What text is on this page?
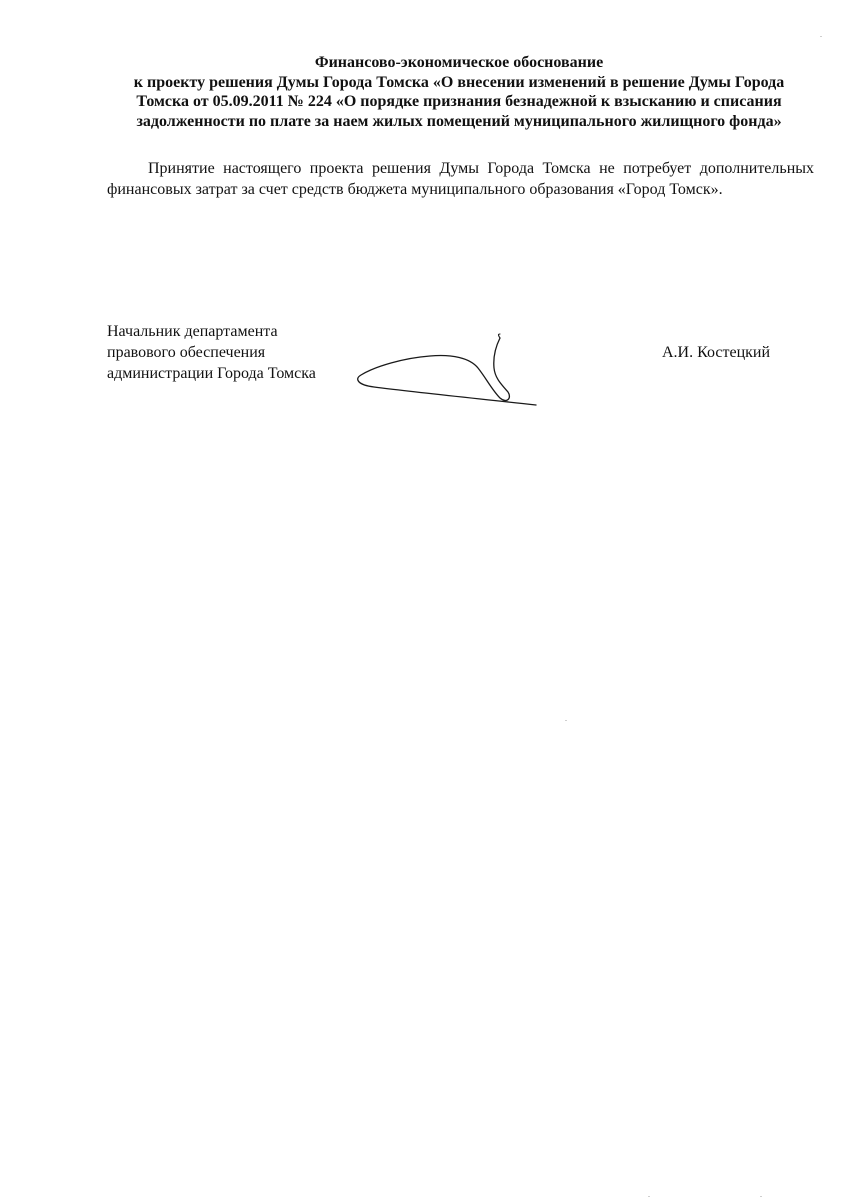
Финансово-экономическое обоснование
к проекту решения Думы Города Томска «О внесении изменений в решение Думы Города
Томска от 05.09.2011 № 224 «О порядке признания безнадежной к взысканию и списания
задолженности по плате за наем жилых помещений муниципального жилищного фонда»
Принятие настоящего проекта решения Думы Города Томска не потребует дополнительных финансовых затрат за счет средств бюджета муниципального образования «Город Томск».
Начальник департамента
правового обеспечения
администрации Города Томска
А.И. Костецкий
